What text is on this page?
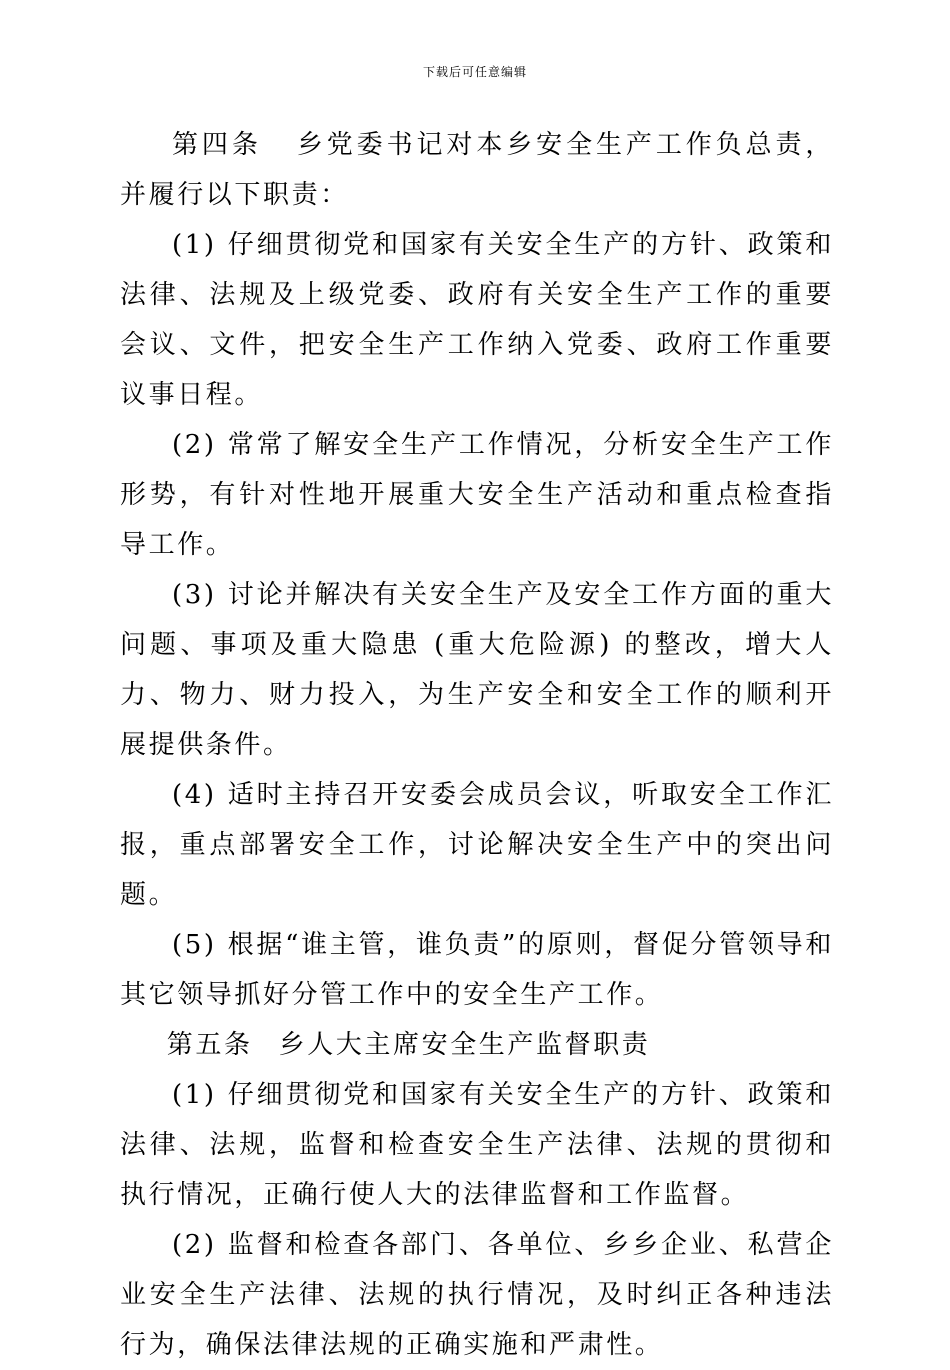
下载后可任意编辑

第四条 乡党委书记对本乡安全生产工作负总责，并履行以下职责：

(1) 仔细贯彻党和国家有关安全生产的方针、政策和法律、法规及上级党委、政府有关安全生产工作的重要会议、文件，把安全生产工作纳入党委、政府工作重要议事日程。

(2) 常常了解安全生产工作情况，分析安全生产工作形势，有针对性地开展重大安全生产活动和重点检查指导工作。

(3) 讨论并解决有关安全生产及安全工作方面的重大问题、事项及重大隐患 (重大危险源) 的整改，增大人力、物力、财力投入，为生产安全和安全工作的顺利开展提供条件。

(4) 适时主持召开安委会成员会议，听取安全工作汇报，重点部署安全工作，讨论解决安全生产中的突出问题。

(5) 根据“谁主管，谁负责”的原则，督促分管领导和其它领导抓好分管工作中的安全生产工作。

第五条 乡人大主席安全生产监督职责

(1) 仔细贯彻党和国家有关安全生产的方针、政策和法律、法规，监督和检查安全生产法律、法规的贯彻和执行情况，正确行使人大的法律监督和工作监督。

(2) 监督和检查各部门、各单位、乡乡企业、私营企业安全生产法律、法规的执行情况，及时纠正各种违法行为，确保法律法规的正确实施和严肃性。
